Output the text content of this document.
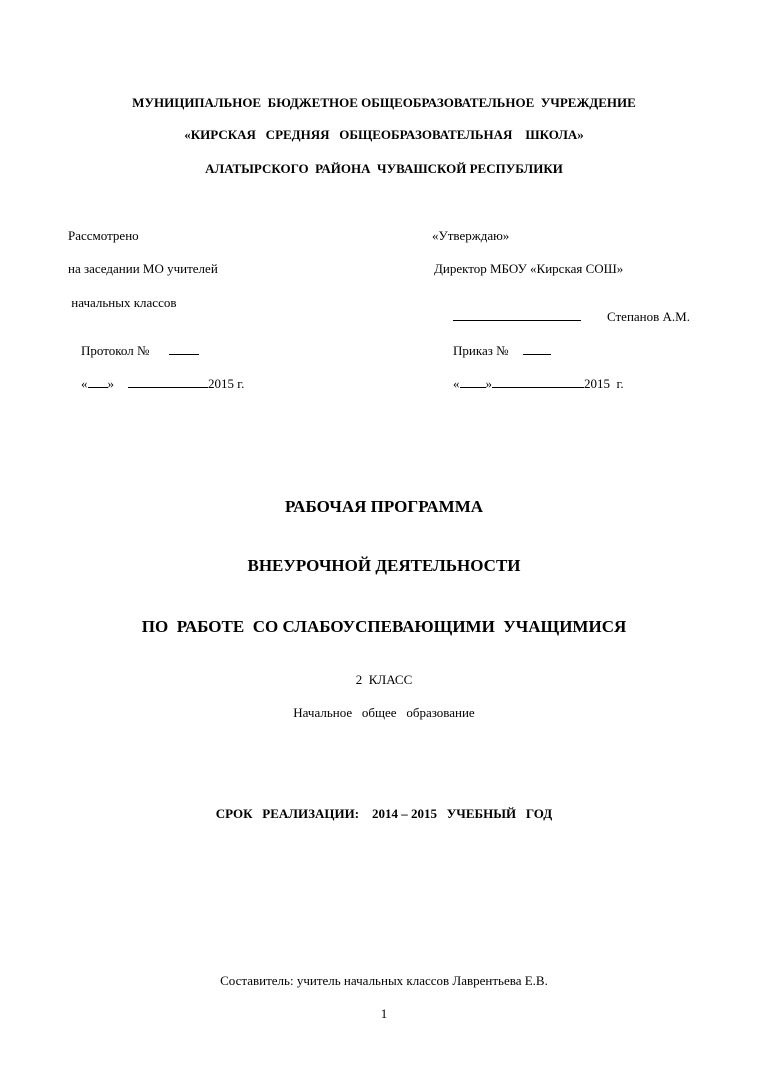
МУНИЦИПАЛЬНОЕ  БЮДЖЕТНОЕ ОБЩЕОБРАЗОВАТЕЛЬНОЕ  УЧРЕЖДЕНИЕ
«КИРСКАЯ   СРЕДНЯЯ   ОБЩЕОБРАЗОВАТЕЛЬНАЯ    ШКОЛА»
АЛАТЫРСКОГО  РАЙОНА  ЧУВАШСКОЙ РЕСПУБЛИКИ
Рассмотрено
на заседании МО учителей
начальных классов

Протокол №

« »	2015 г.

«Утверждаю»
Директор МБОУ «Кирская СОШ»

Степанов А.М.

Приказ №

« »	2015  г.

РАБОЧАЯ ПРОГРАММА
ВНЕУРОЧНОЙ ДЕЯТЕЛЬНОСТИ
ПО  РАБОТЕ  СО СЛАБОУСПЕВАЮЩИМИ  УЧАЩИМИСЯ
2  КЛАСС
Начальное   общее   образование
СРОК   РЕАЛИЗАЦИИ:    2014 – 2015   УЧЕБНЫЙ   ГОД
Составитель: учитель начальных классов Лаврентьева Е.В.
1
